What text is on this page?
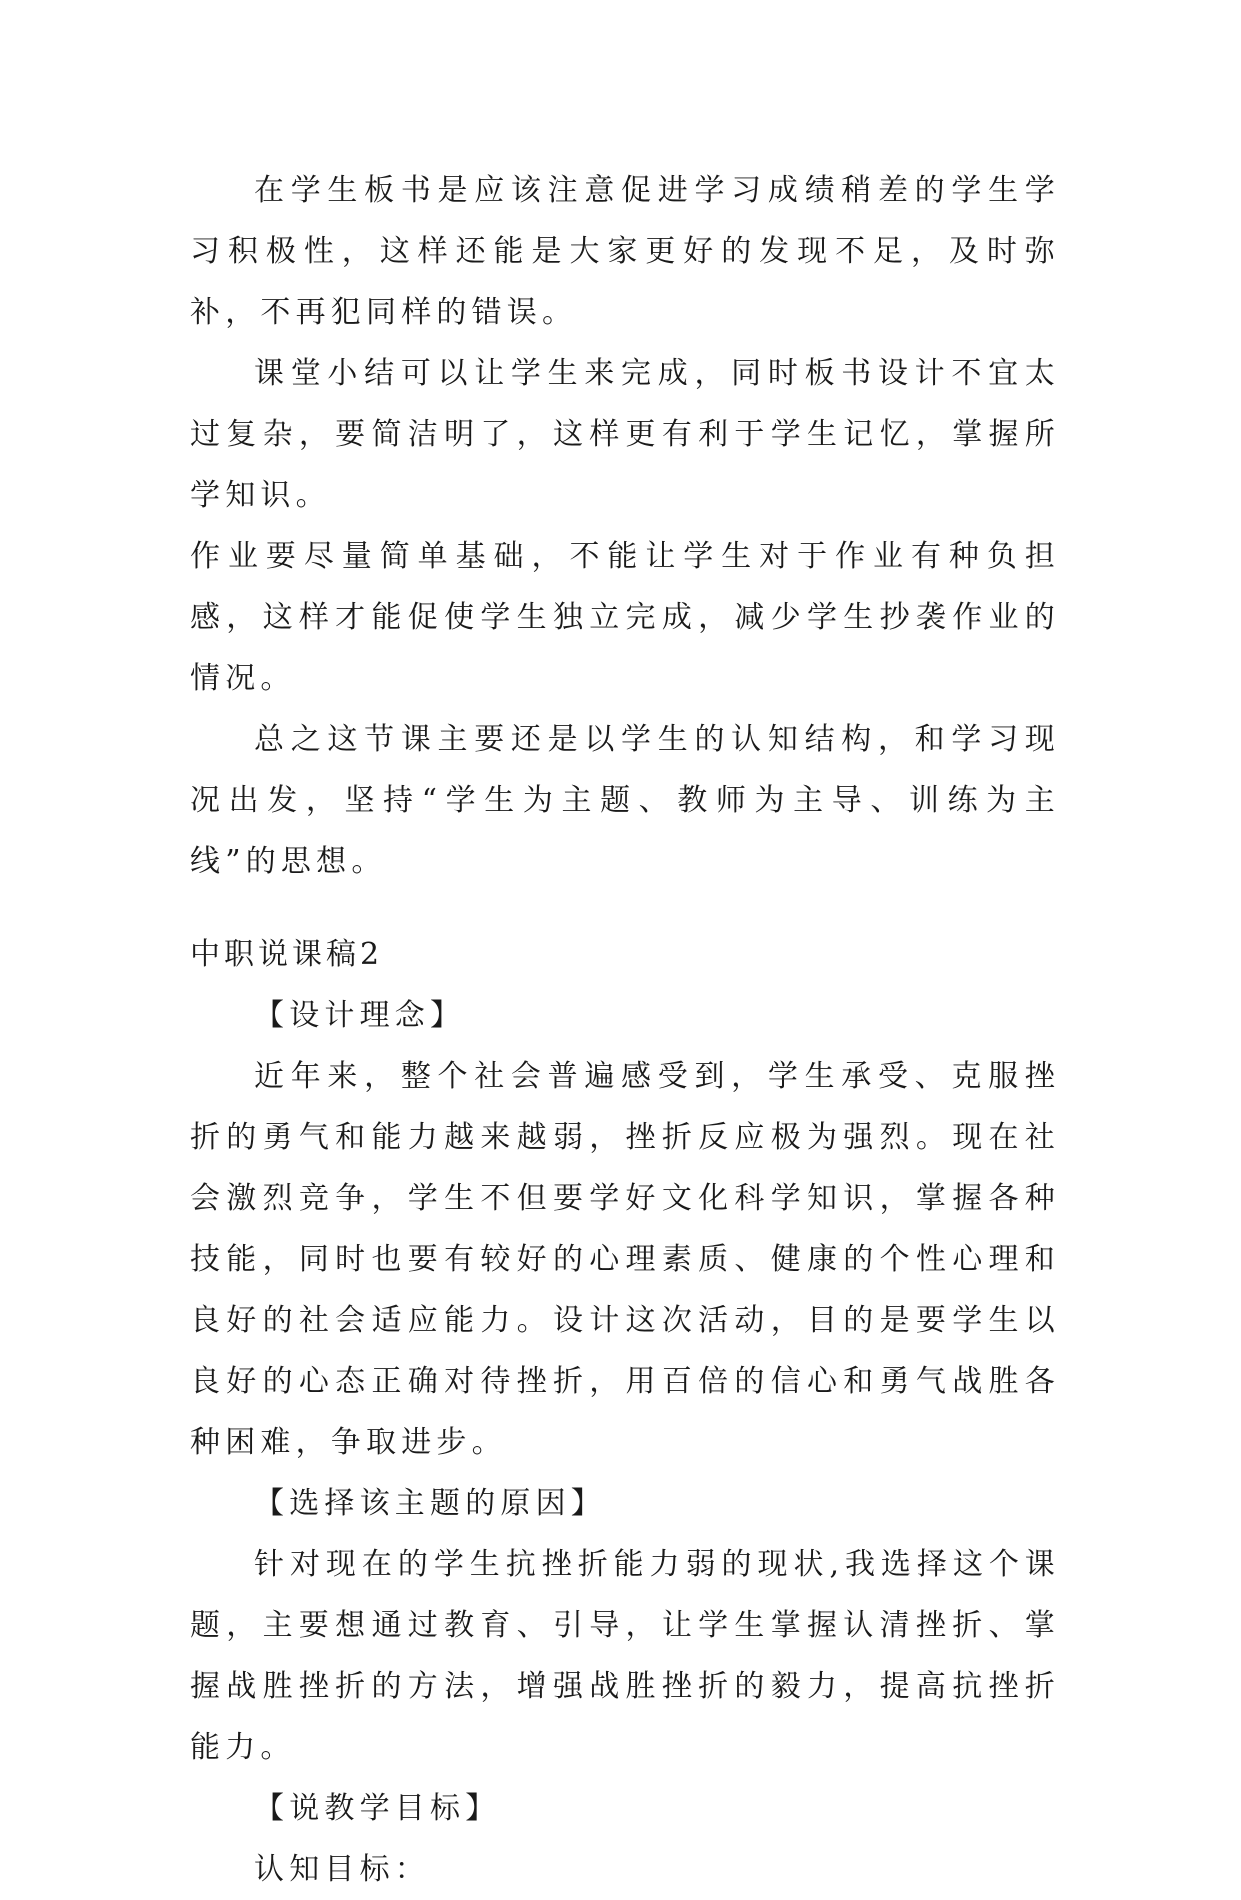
在学生板书是应该注意促进学习成绩稍差的学生学习积极性，这样还能是大家更好的发现不足，及时弥补，不再犯同样的错误。

课堂小结可以让学生来完成，同时板书设计不宜太过复杂，要简洁明了，这样更有利于学生记忆，掌握所学知识。

作业要尽量简单基础，不能让学生对于作业有种负担感，这样才能促使学生独立完成，减少学生抄袭作业的情况。

总之这节课主要还是以学生的认知结构，和学习现况出发，坚持“学生为主题、教师为主导、训练为主线”的思想。

中职说课稿2

【设计理念】

近年来，整个社会普遍感受到，学生承受、克服挫折的勇气和能力越来越弱，挫折反应极为强烈。现在社会激烈竞争，学生不但要学好文化科学知识，掌握各种技能，同时也要有较好的心理素质、健康的个性心理和良好的社会适应能力。设计这次活动，目的是要学生以良好的心态正确对待挫折，用百倍的信心和勇气战胜各种困难，争取进步。

【选择该主题的原因】

针对现在的学生抗挫折能力弱的现状,我选择这个课题，主要想通过教育、引导，让学生掌握认清挫折、掌握战胜挫折的方法，增强战胜挫折的毅力，提高抗挫折能力。

【说教学目标】

认知目标：
